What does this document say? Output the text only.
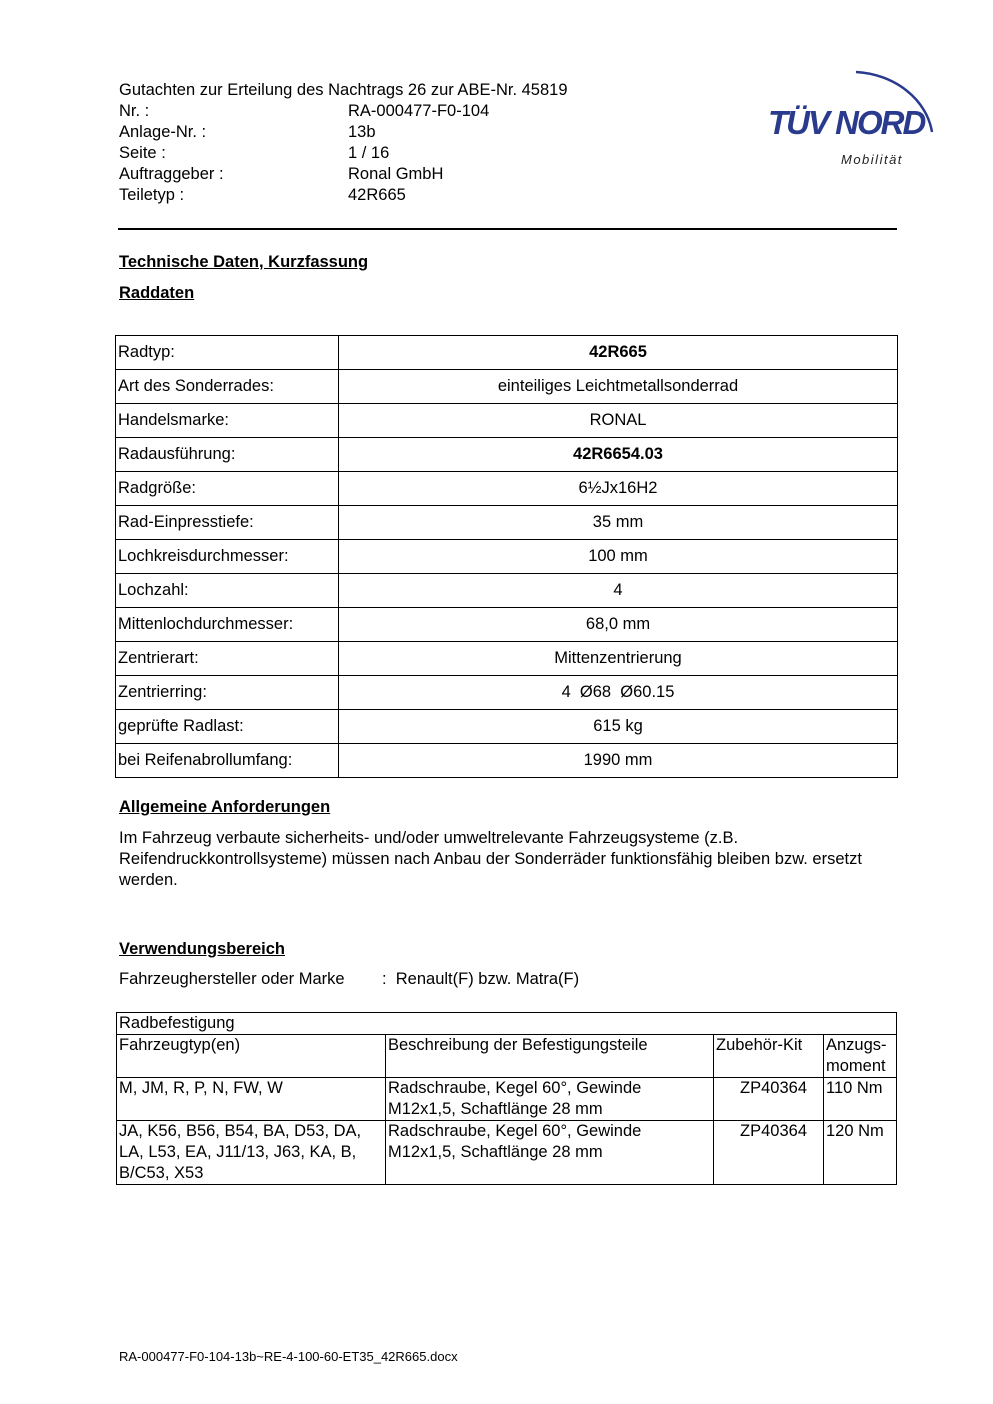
Gutachten zur Erteilung des Nachtrags 26 zur ABE-Nr. 45819
Nr. :	RA-000477-F0-104
Anlage-Nr. :	13b
Seite :	1 / 16
Auftraggeber :	Ronal GmbH
Teiletyp :	42R665
TÜV NORD
Mobilität
Technische Daten, Kurzfassung
Raddaten
Radtyp:	42R665
Art des Sonderrades:	einteiliges Leichtmetallsonderrad
Handelsmarke:	RONAL
Radausführung:	42R6654.03
Radgröße:	6½Jx16H2
Rad-Einpresstiefe:	35 mm
Lochkreisdurchmesser:	100 mm
Lochzahl:	4
Mittenlochdurchmesser:	68,0 mm
Zentrierart:	Mittenzentrierung
Zentrierring:	4  Ø68  Ø60.15
geprüfte Radlast:	615 kg
bei Reifenabrollumfang:	1990 mm
Allgemeine Anforderungen
Im Fahrzeug verbaute sicherheits- und/oder umweltrelevante Fahrzeugsysteme (z.B. Reifendruckkontrollsysteme) müssen nach Anbau der Sonderräder funktionsfähig bleiben bzw. ersetzt werden.
Verwendungsbereich
Fahrzeughersteller oder Marke	:  Renault(F) bzw. Matra(F)
Radbefestigung			
Fahrzeugtyp(en)	Beschreibung der Befestigungsteile	Zubehör-Kit	Anzugs-moment
M, JM, R, P, N, FW, W	Radschraube, Kegel 60°, Gewinde M12x1,5, Schaftlänge 28 mm	ZP40364	110 Nm
JA, K56, B56, B54, BA, D53, DA, LA, L53, EA, J11/13, J63, KA, B, B/C53, X53	Radschraube, Kegel 60°, Gewinde M12x1,5, Schaftlänge 28 mm	ZP40364	120 Nm
RA-000477-F0-104-13b~RE-4-100-60-ET35_42R665.docx
